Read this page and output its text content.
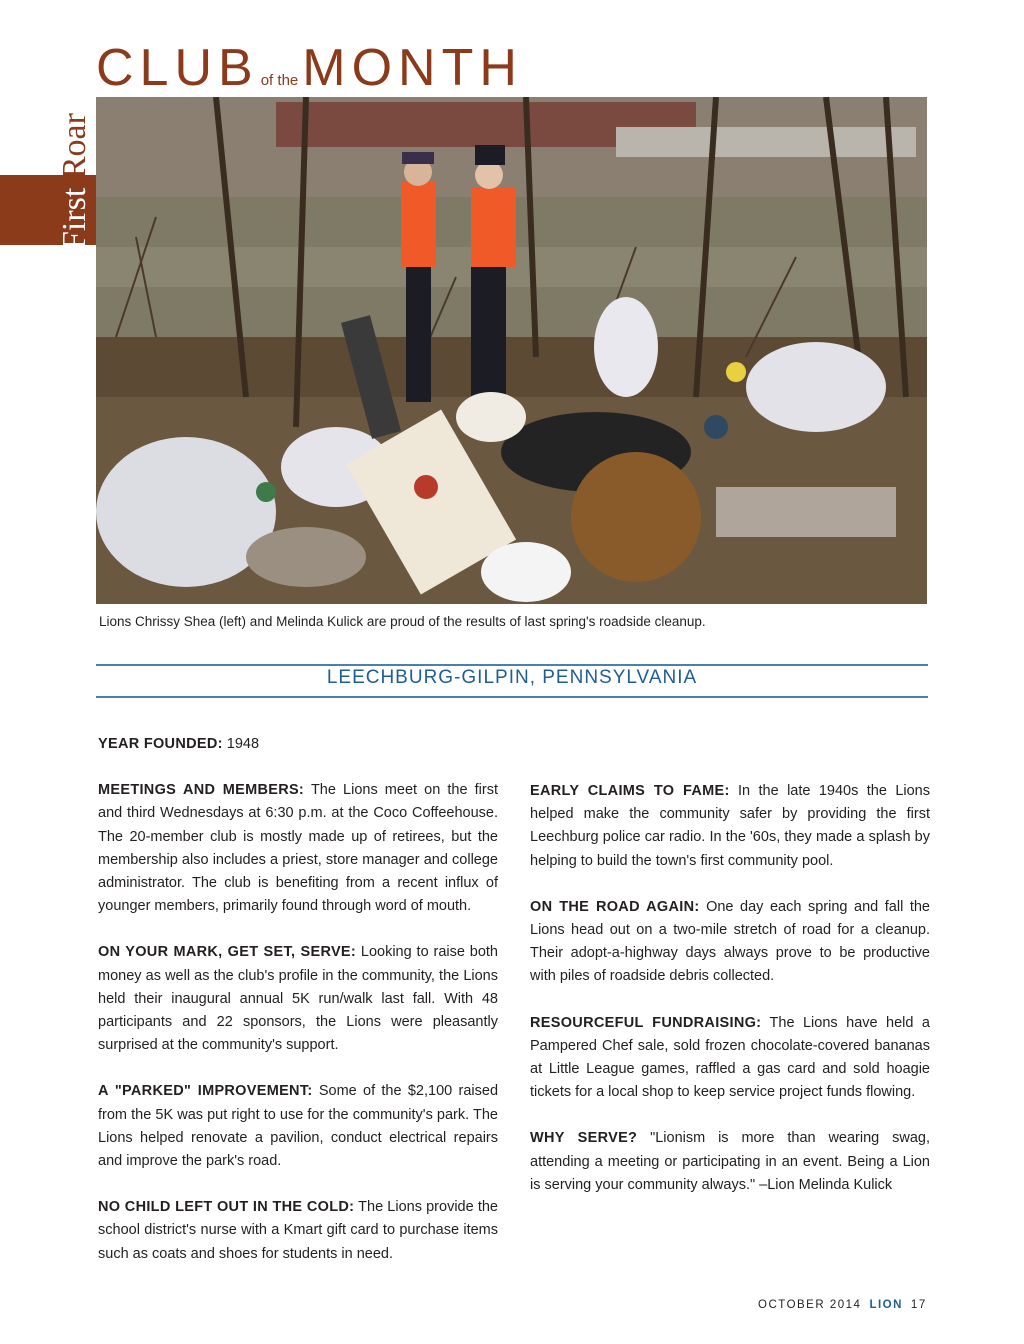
CLUB of theMONTH
First Roar
Lions Chrissy Shea (left) and Melinda Kulick are proud of the results of last spring's roadside cleanup.
LEECHBURG-GILPIN, PENNSYLVANIA

YEAR FOUNDED: 1948

MEETINGS AND MEMBERS: The Lions meet on the first and third Wednesdays at 6:30 p.m. at the Coco Coffeehouse. The 20-member club is mostly made up of retirees, but the membership also includes a priest, store manager and college administrator. The club is benefiting from a recent influx of younger members, primarily found through word of mouth.

ON YOUR MARK, GET SET, SERVE: Looking to raise both money as well as the club's profile in the community, the Lions held their inaugural annual 5K run/walk last fall. With 48 participants and 22 sponsors, the Lions were pleasantly surprised at the community's support.

A "PARKED" IMPROVEMENT: Some of the $2,100 raised from the 5K was put right to use for the community's park. The Lions helped renovate a pavilion, conduct electrical repairs and improve the park's road.

NO CHILD LEFT OUT IN THE COLD: The Lions provide the school district's nurse with a Kmart gift card to purchase items such as coats and shoes for students in need.

EARLY CLAIMS TO FAME: In the late 1940s the Lions helped make the community safer by providing the first Leechburg police car radio. In the '60s, they made a splash by helping to build the town's first community pool.

ON THE ROAD AGAIN: One day each spring and fall the Lions head out on a two-mile stretch of road for a cleanup. Their adopt-a-highway days always prove to be productive with piles of roadside debris collected.

RESOURCEFUL FUNDRAISING: The Lions have held a Pampered Chef sale, sold frozen chocolate-covered bananas at Little League games, raffled a gas card and sold hoagie tickets for a local shop to keep service project funds flowing.

WHY SERVE? "Lionism is more than wearing swag, attending a meeting or participating in an event. Being a Lion is serving your community always." –Lion Melinda Kulick

OCTOBER 2014 LION 17
